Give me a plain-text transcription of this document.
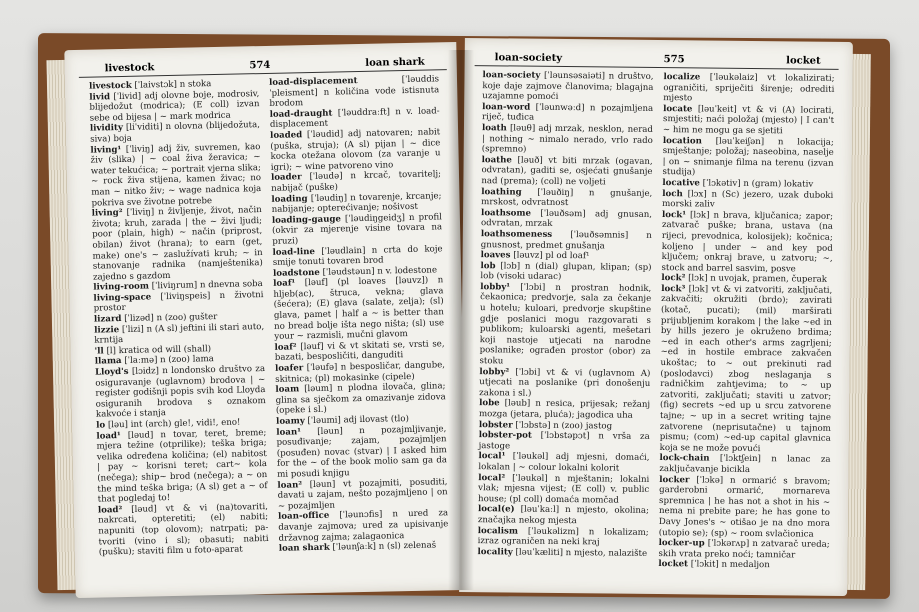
livestock	574	loan shark
livestock [ˈlaivstɔk] n stoka
livid [ˈlivid] adj olovne boje, modrosiv, blijedožut (modrica); (E coll) izvan sebe od bijesa | ~ mark modrica
lividity [liˈviditi] n olovna (blijedožuta, siva) boja
living¹ [ˈliviŋ] adj živ, suvremen, kao živ (slika) | ~ coal živa žeravica; ~ water tekućica; ~ portrait vjernа slika; ~ rock živa stijena, kamen živac; no man ~ nitko živ; ~ wage nadnica koja pokriva sve životne potrebe
living² [ˈliviŋ] n življenje, život, način života; kruh, zarada | the ~ živi ljudi; poor (plain, high) ~ način (priprost, obilan) život (hrana); to earn (get, make) one's ~ zaslužívati kruh; ~ in stanovanje radnika (namještenika) zajedno s gazdom
living-room [ˈliviŋrum] n dnevna soba
living-space [ˈliviŋspeis] n životni prostor
lizard [ˈlizəd] n (zoo) gušter
lizzie [ˈlizi] n (A sl) jeftini ili stari auto, krntija
'll [l] kratica od will (shall)
llama [ˈlaːmə] n (zoo) lama
Lloyd's [lɔidz] n londonsko društvo za osiguravanje (uglavnom) brodova | ~ register godišnji popis svih kod Lloyda osiguranih brodova s oznakom kakvoće i stanja
lo [ləu] int (arch) gle!, vidi!, eno!
load¹ [ləud] n tovar, teret, breme; mjera težine (otprilike); teška briga; velika određena količina; (el) nabitost | pay ~ korisni teret; cart~ kola (nečega); ship~ brod (nečega); a ~ on the mind teška briga; (A sl) get a ~ of that pogledaj to!
load² [ləud] vt & vi (na)tovariti, nakrcati, opteretiti; (el) nabiti; napuniti (top olovom); natrpati; pa-tvoriti (vino i sl); obasuti; nabiti (pušku); staviti film u foto-aparat
load-displacement [ˈləuddisˈpleisment] n količina vode istisnuta brodom
load-draught [ˈləuddraːft] n v. load-displacement
loaded [ˈləudid] adj natovaren; nabit (puška, struja); (A sl) pijan | ~ dice kocka otežana olovom (za varanje u igri); ~ wine patvoreno vino
loader [ˈləudə] n krcač, tovaritelj; nabijač (puške)
loading [ˈləudiŋ] n tovarenje, krcanje; nabijanje; opterećivanje; nošivost
loading-gauge [ˈləudiŋgeidʒ] n profil (okvir za mjerenje visine tovara na pruzi)
load-line [ˈləudlain] n crta do koje smije tonuti tovaren brod
loadstone [ˈləudstəun] n v. lodestone
loaf¹ [ləuf] (pl loaves [ləuvz]) n hljeb(ac), štruca, vekna; glava (šećera); (E) glava (salate, zelja); (sl) glava, pamet | half a ~ is better than no bread bolje išta nego ništa; (sl) use your ~ razmisli, mučni glavom
loaf² [ləuf] vi & vt skitati se, vrsti se, bazati, besposličiti, danguditi
loafer [ˈləufə] n besposličar, dangube, skitnica; (pl) mokasinke (cipele)
loam [ləum] n plodna ilovača, glina; glina sa sječkom za omazivanje zidova (opeke i sl.)
loamy [ˈləumi] adj ilovast (tlo)
loan¹ [ləun] n pozajmljivanje, posuđivanje; zajam, pozajmljen (posuđen) novac (stvar) | I asked him for the ~ of the book molio sam ga da mi posudi knjigu
loan² [ləun] vt pozajmiti, posuditi, davati u zajam, nešto pozajmljeno | on ~ pozajmljen
loan-office [ˈləunɔfis] n ured za davanje zajmova; ured za upisivanje državnog zajma; zalagaonica
loan shark [ˈləunʃaːk] n (sl) zelenaš
loan-society	575	locket
loan-society [ˈləunsəsaiəti] n društvo, koje daje zajmove članovima; blagajna uzajamne pomoći
loan-word [ˈləunwəːd] n pozajmljena riječ, tuđica
loath [ləuθ] adj mrzak, nesklon, nerad | nothing ~ nimalo nerado, vrlo rado (spremno)
loathe [ləuð] vt biti mrzak (ogavan, odvratan), gaditi se, osjećati gnušanje nad (prema); (coll) ne voljeti
loathing [ˈləuðiŋ] n gnušanje, mrskost, odvratnost
loathsome [ˈləuðsəm] adj gnusan, odvratan, mrzak
loathsomeness [ˈləuðsəmnis] n gnusnost, predmet gnušanja
loaves [ləuvz] pl od loaf¹
lob [lɔb] n (dial) glupan, klipan; (sp) lob (visoki udarac)
lobby¹ [ˈlɔbi] n prostran hodnik, čekaonica; predvorje, sala za čekanje u hotelu; kuloari, predvorje skupštine gdje poslanici mogu razgovarati s publikom; kuloarski agenti, mešetari koji nastoje utjecati na narodne poslanike; ograđen prostor (obor) za stoku
lobby² [ˈlɔbi] vt & vi (uglavnom A) utjecati na poslanike (pri donošenju zakona i sl.)
lobe [ləub] n resica, prijesak; režanj mozga (jetara, pluća); jagodica uha
lobster [ˈlɔbstə] n (zoo) jastog
lobster-pot [ˈlɔbstəpɔt] n vrša za jastoge
local¹ [ˈləukəl] adj mjesni, domaći, lokalan | ~ colour lokalni kolorit
local² [ˈləukəl] n mještanin; lokalni vlak; mjesna vijest; (E coll) v. public house; (pl coll) domaća momčad
local(e) [ləuˈkaːl] n mjesto, okolina; značajka nekog mjesta
localism [ˈləukəlizm] n lokalizam; izraz ograničen na neki kraj
locality [ləuˈkæliti] n mjesto, nalazište
localize [ˈləukəlaiz] vt lokalizirati; ograničiti, spriječiti širenje; odrediti mjesto
locate [ləuˈkeit] vt & vi (A) locirati, smjestiti; naći položaj (mjesto) | I can't ~ him ne mogu ga se sjetiti
location [ləuˈkeiʃən] n lokacija; smještanje; položaj; naseobina, naselje | on ~ snimanje filma na terenu (izvan studija)
locative [ˈlɔkətiv] n (gram) lokativ
loch [lɔx] n (Sc) jezero, uzak duboki morski zaliv
lock¹ [lɔk] n brava, ključanica; zapor; zatvarač puške; brana, ustava (na rijeci, prevodnica, kolosijek); kočnica; koljeno | under ~ and key pod ključem; onkraj brave, u zatvoru; ~, stock and barrel sasvim, posve
lock² [lɔk] n uvojak, pramen, čuperak
lock³ [lɔk] vt & vi zatvoriti, zaključati, zakvačiti; okružiti (brdo); zavirati (kotač, pucati); (mil) marširati prijubljenim korakom | the lake ~ed in by hills jezero je okruženo brdima; ~ed in each other's arms zagrljeni; ~ed in hostile embrace zakvačen ukoštac; to ~ out prekinuti rad (poslodavci) zbog neslaganja s radničkim zahtjevima; to ~ up zatvoriti, zaključati; staviti u zatvor; (fig) secrets ~ed up u srcu zatvorene tajne; ~ up in a secret writing tajne zatvorene (neprisutačne) u tajnom pismu; (com) ~ed-up capital glavnica koja se ne može povući
lock-chain [ˈlɔktʃein] n lanac za zaključavanje bicikla
locker [ˈlɔkə] n ormarić s bravom; garderobni ormarić, mornareva spremnica | he has not a shot in his ~ nema ni prebite pare; he has gone to Davy Jones's ~ otišao je na dno mora (utopio se); (sp) ~ room svlačionica
locker-up [ˈlɔkərʌp] n zatvarač ureda; skih vrata preko noći; tamničar
locket [ˈlɔkit] n medaljon
